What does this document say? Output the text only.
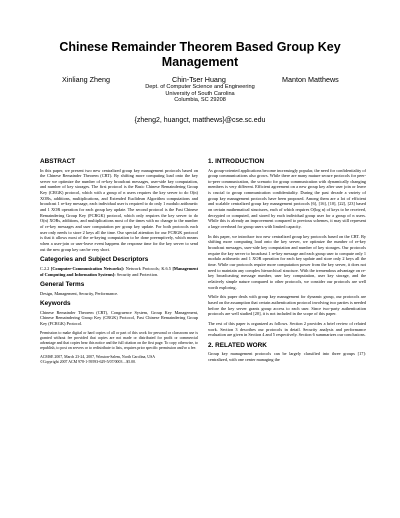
Chinese Remainder Theorem Based Group Key Management
Xinliang Zheng	Chin-Tser Huang	Manton Matthews
Dept. of Computer Science and Engineering
University of South Carolina
Columbia, SC 29208
{zheng2, huangct, matthews}@cse.sc.edu
ABSTRACT

In this paper, we present two new centralized group key management protocols based on the Chinese Remainder Theorem (CRT). By shifting more computing load onto the key server we optimize the number of re-key broadcast messages, user-side key computation, and number of key storages. The first protocol is the Basic Chinese Remaindering Group Key (CRGK) protocol, which with a group of n users requires the key server to do O(n) XORs, additions, multiplications, and Extended Euclidean Algorithm computations and broadcast 1 re-key message, each individual user is required to do only 1 modulo arithmetic and 1 XOR operation for each group key update. The second protocol is the Fast Chinese Remaindering Group Key (FCRGK) protocol, which only requires the key server to do O(n) XORs, additions, and multiplications most of the times with no change to the number of re-key messages and user computation per group key update. For both protocols each user only needs to store 2 keys all the time. Our special attention for our FCRGK protocol is that it allows most of the re-keying computation to be done preemptively, which means when a user-join or user-leave event happens the response time for the key server to send out the new group key can be very short.

Categories and Subject Descriptors

C.2.2 [Computer-Communication Networks]: Network Protocols; K.6.5 [Management of Computing and Information Systems]: Security and Protection.

General Terms

Design, Management, Security, Performance.

Keywords

Chinese Remainder Theorem (CRT), Congruence System, Group Key Management, Chinese Remaindering Group Key (CRGK) Protocol, Fast Chinese Remaindering Group Key (FCRGK) Protocol.

Permission to make digital or hard copies of all or part of this work for personal or classroom use is granted without fee provided that copies are not made or distributed for profit or commercial advantage and that copies bear this notice and the full citation on the first page. To copy otherwise, to republish, to post on servers or to redistribute to lists, requires prior specific permission and/or a fee.

ACMSE 2007, March 23-24, 2007, Winston-Salem, North Carolina, USA

©Copyright 2007 ACM 978-1-59593-629-5/07/0003 ...$5.00.

1. INTRODUCTION

As group-oriented applications become increasingly popular, the need for confidentiality of group communications also grows. While there are many mature secure protocols for peer-to-peer communication, the scenario for group communication with dynamically changing members is very different. Efficient agreement on a new group key after user join or leave is crucial to group communication confidentiality. During the past decade a variety of group key management protocols have been proposed. Among them are a lot of efficient and scalable centralized group key management protocols [6], [16], [10], [22], [23] based on certain mathematical structures, each of which requires O(log n) of keys to be received, decrypted or computed, and stored by each individual group user for a group of n users. While this is already an improvement compared to previous schemes, it may still represent a large overhead for group users with limited capacity.

In this paper, we introduce two new centralized group key protocols based on the CRT. By shifting more computing load onto the key server, we optimize the number of re-key broadcast messages, user-side key computation and number of key storages. Our protocols require the key server to broadcast 1 re-key message and each group user to compute only 1 modulo arithmetic and 1 XOR operation for each key update and store only 2 keys all the time. While our protocols require more computation power from the key server, it does not need to maintain any complex hierarchical structure. With the tremendous advantage on re-key broadcasting message number, user key computation, user key storage, and the relatively simple nature compared to other protocols, we consider our protocols are well worth exploring.

While this paper deals with group key management for dynamic group, our protocols are based on the assumption that certain authentication protocol involving two parties is needed before the key server grants group access to each user. Since two-party authentication protocols are well studied [20], it is not included in the scope of this paper.

The rest of this paper is organized as follows. Section 2 provides a brief review of related work. Section 3 describes our protocols in detail. Security analysis and performance evaluation are given in Section 4 and 5 respectively. Section 6 summarizes our conclusions.

2. RELATED WORK

Group key management protocols can be largely classified into three groups [17]: centralized, with one center managing the
